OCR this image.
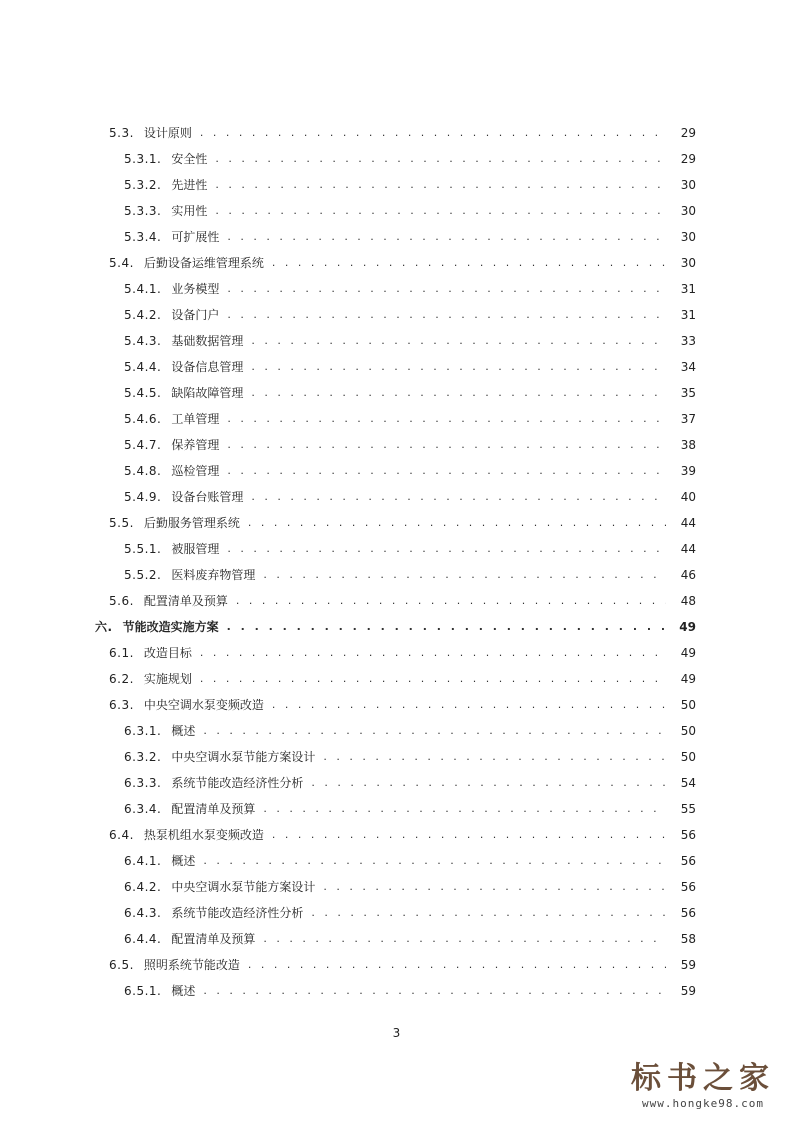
5.3. 设计原则 . . .	29
5.3.1. 安全性 . . .	29
5.3.2. 先进性 . . .	30
5.3.3. 实用性 . . .	30
5.3.4. 可扩展性 . . .	30
5.4. 后勤设备运维管理系统 . . .	30
5.4.1. 业务模型 . . .	31
5.4.2. 设备门户 . . .	31
5.4.3. 基础数据管理 . . .	33
5.4.4. 设备信息管理 . . .	34
5.4.5. 缺陷故障管理 . . .	35
5.4.6. 工单管理 . . .	37
5.4.7. 保养管理 . . .	38
5.4.8. 巡检管理 . . .	39
5.4.9. 设备台账管理 . . .	40
5.5. 后勤服务管理系统 . . .	44
5.5.1. 被服管理 . . .	44
5.5.2. 医料废弃物管理 . . .	46
5.6. 配置清单及预算 . . .	48
六. 节能改造实施方案 . . .	49
6.1. 改造目标 . . .	49
6.2. 实施规划 . . .	49
6.3. 中央空调水泵变频改造 . . .	50
6.3.1. 概述 . . .	50
6.3.2. 中央空调水泵节能方案设计 . . .	50
6.3.3. 系统节能改造经济性分析 . . .	54
6.3.4. 配置清单及预算 . . .	55
6.4. 热泵机组水泵变频改造 . . .	56
6.4.1. 概述 . . .	56
6.4.2. 中央空调水泵节能方案设计 . . .	56
6.4.3. 系统节能改造经济性分析 . . .	56
6.4.4. 配置清单及预算 . . .	58
6.5. 照明系统节能改造 . . .	59
6.5.1. 概述 . . .	59
3
标书之家
www.hongke98.com
